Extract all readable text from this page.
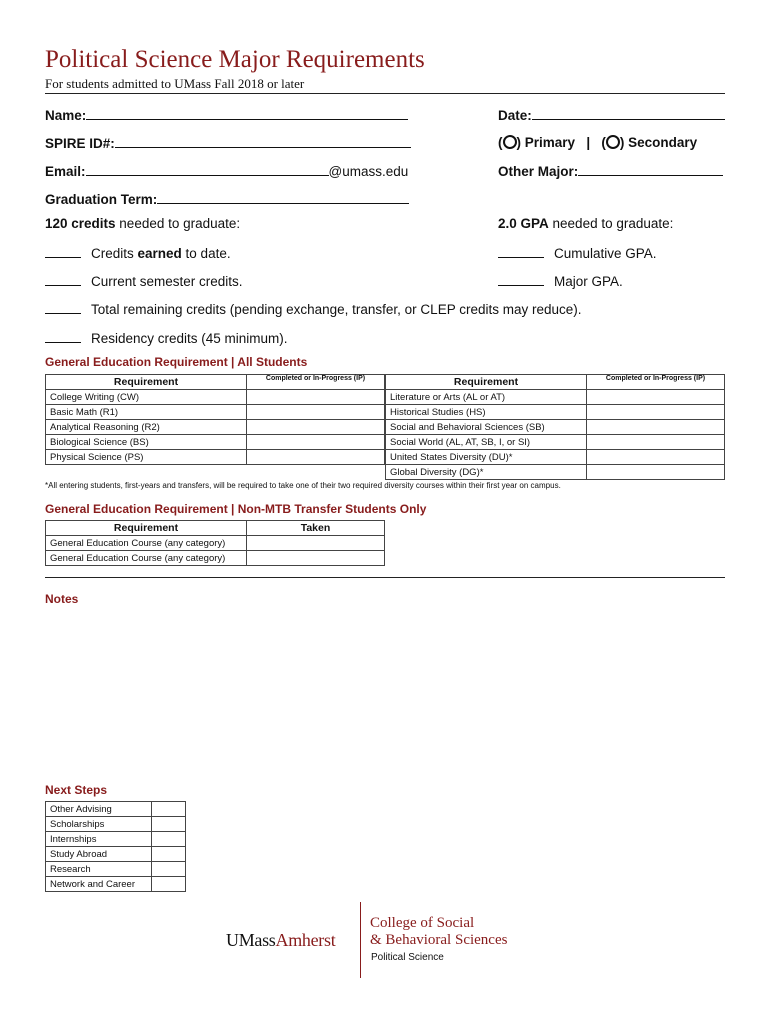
Political Science Major Requirements
For students admitted to UMass Fall 2018 or later
Name:	Date:
SPIRE ID#:	( ) Primary |   ( ) Secondary
Email:	@umass.edu	Other Major:
Graduation Term:
120 credits needed to graduate:	2.0 GPA needed to graduate:
Credits earned to date.	Cumulative GPA.
Current semester credits.	Major GPA.
Total remaining credits (pending exchange, transfer, or CLEP credits may reduce).
Residency credits (45 minimum).
General Education Requirement | All Students
Requirement	Completed or In-Progress (IP)
College Writing (CW)	
Basic Math (R1)	
Analytical Reasoning (R2)	
Biological Science (BS)	
Physical Science (PS)	
Requirement	Completed or In-Progress (IP)
Literature or Arts (AL or AT)	
Historical Studies (HS)	
Social and Behavioral Sciences (SB)	
Social World (AL, AT, SB, I, or SI)	
United States Diversity (DU)*	
Global Diversity (DG)*	
*All entering students, first-years and transfers, will be required to take one of their two required diversity courses within their first year on campus.
General Education Requirement | Non-MTB Transfer Students Only
Requirement	Taken
General Education Course (any category)	
General Education Course (any category)	
Notes
Next Steps
Other Advising	
Scholarships	
Internships	
Study Abroad	
Research	
Network and Career	
UMassAmherst
College of Social
& Behavioral Sciences
Political Science
